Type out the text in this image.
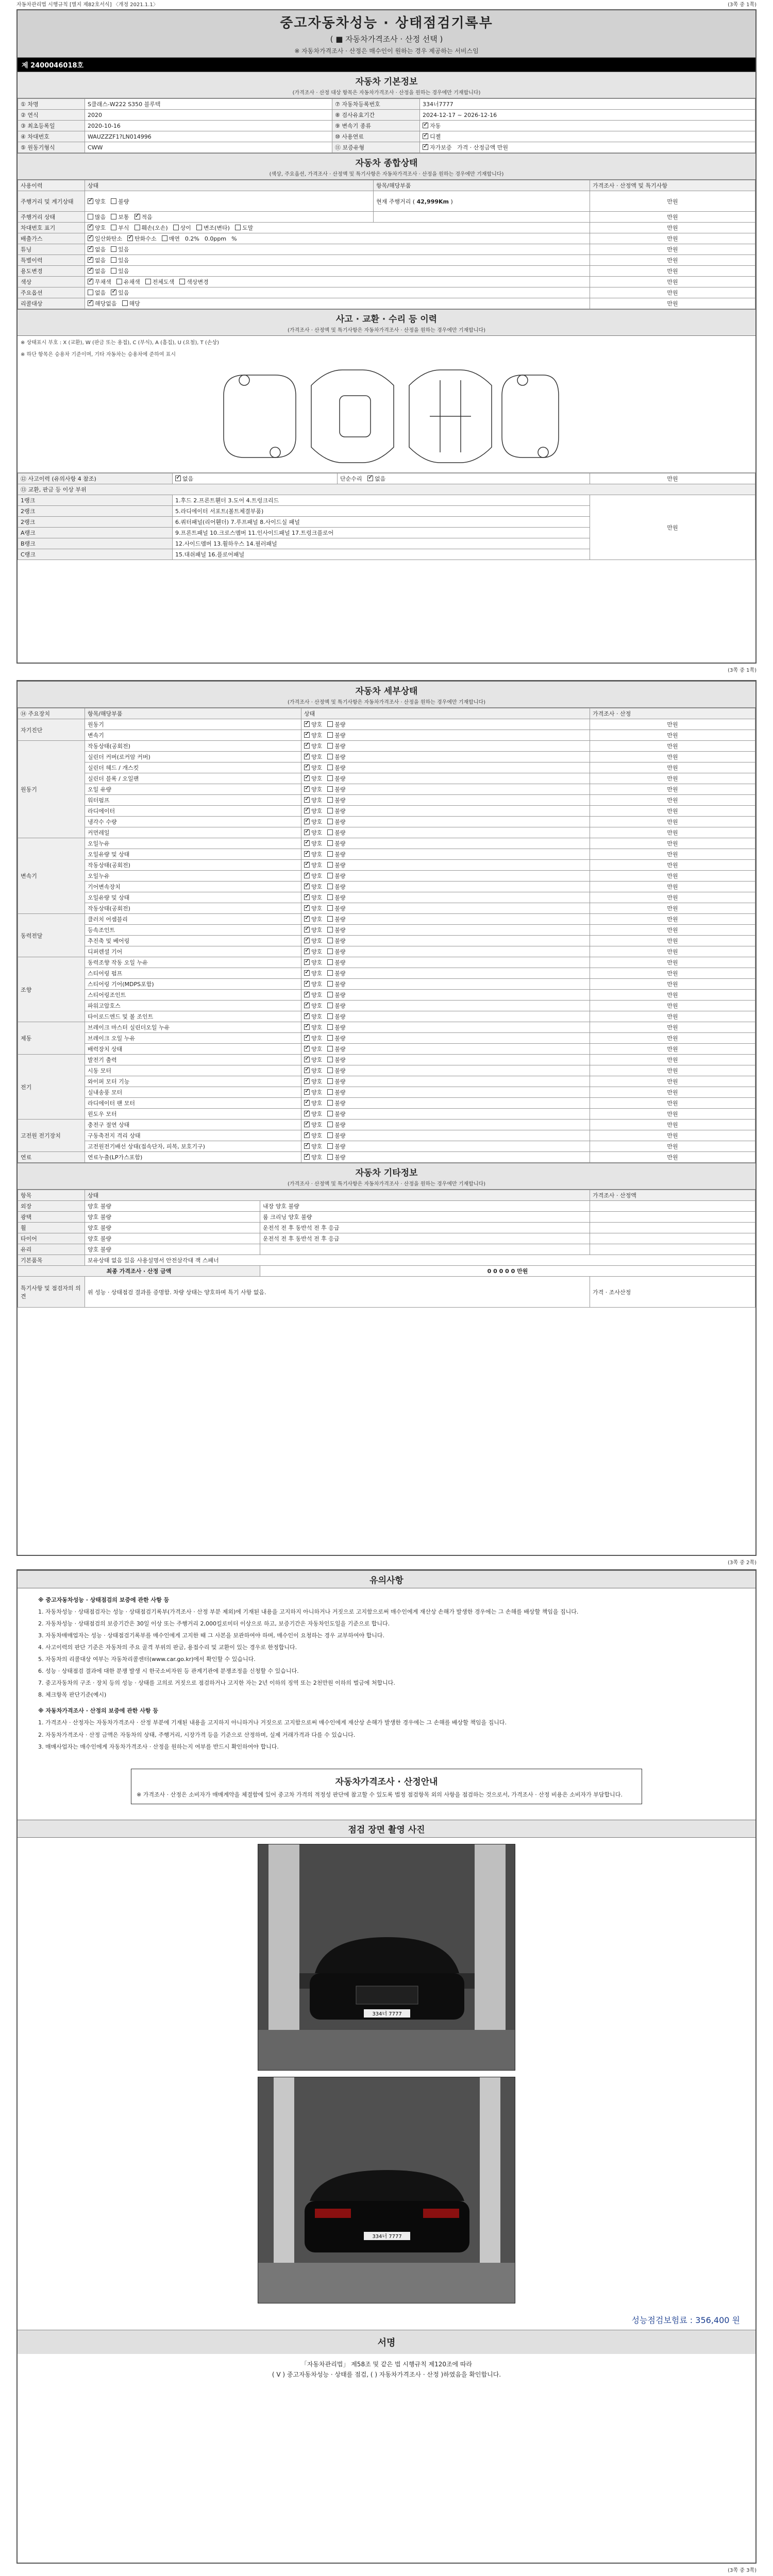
자동차관리법 시행규칙 [별지 제82호서식] 〈개정 2021.1.1〉	(3쪽 중 1쪽)
중고자동차성능 · 상태점검기록부
( ■ 자동차가격조사 · 산정 선택 )
※ 자동차가격조사 · 산정은 매수인이 원하는 경우 제공하는 서비스임
제 2400046018호
자동차 기본정보
(가격조사 · 산정 대상 항목은 자동차가격조사 · 산정을 원하는 경우에만 기재합니다)
① 차명	S클래스-W222 S350 블루텍	⑦ 자동차등록번호	334너7777
② 연식	2020	⑧ 검사유효기간	2024-12-17 ~ 2026-12-16
③ 최초등록일	2020-10-16	⑨ 변속기 종류	✓자동
④ 차대번호	WAUZZZF1?LN014996	⑩ 사용연료	✓디젤
⑤ 원동기형식	CWW	⑪ 보증유형	✓자가보증 가격 · 산정금액 만원
자동차 종합상태
(색상, 주요옵션, 가격조사 · 산정액 및 특기사항은 자동차가격조사 · 산정을 원하는 경우에만 기재합니다)
사용이력	상태	항목/해당부품	가격조사 · 산정액 및 특기사항
주행거리 및 계기상태	✓양호 불량	현재 주행거리 ( 42,999Km )	만원
주행거리 상태	많음 보통 ✓ 적음		만원
차대번호 표기	✓양호 부식 훼손(오손) 상이 변조(변타) 도말		만원
배출가스	✓일산화탄소 ✓ 탄화수소 매연 0.2% 0.0ppm %		만원
튜닝	✓없음 있음		만원
특별이력	✓없음 있음		만원
용도변경	✓없음 있음		만원
색상	✓무채색 유채색 전체도색 색상변경		만원
주요옵션	없음 ✓ 있음		만원
리콜대상	✓해당없음 해당		만원
사고 · 교환 · 수리 등 이력
(가격조사 · 산정액 및 특기사항은 자동차가격조사 · 산정을 원하는 경우에만 기재합니다)
※ 상태표시 부호 : X (교환), W (판금 또는 용접), C (부식), A (흠집), U (요철), T (손상)
※ 하단 항목은 승용차 기준이며, 기타 자동차는 승용차에 준하여 표시
⑫ 사고이력 (유의사항 4 참조)	✓없음	단순수리 ✓ 없음	만원
⑬ 교환, 판금 등 이상 부위			
1랭크	1.후드 2.프론트휀더 3.도어 4.트렁크리드		만원
2랭크	5.라디에이터 서포트(볼트체결부품)		
2랭크	6.쿼터패널(리어휀더) 7.루프패널 8.사이드실 패널		
A랭크	9.프론트패널 10.크로스멤버 11.인사이드패널 17.트렁크플로어		
B랭크	12.사이드멤버 13.휠하우스 14.필러패널		
C랭크	15.대쉬패널 16.플로어패널		
(3쪽 중 1쪽)
자동차 세부상태
(가격조사 · 산정액 및 특기사항은 자동차가격조사 · 산정을 원하는 경우에만 기재합니다)
⑭ 주요장치	항목/해당부품	상태	가격조사 · 산정
자기진단	원동기	✓양호 불량	만원
	변속기	✓양호 불량	만원
원동기	작동상태(공회전)	✓양호 불량	만원
	실린더 커버(로커암 커버)	✓양호 불량	만원
	실린더 헤드 / 개스킷	✓양호 불량	만원
	실린더 블록 / 오일팬	✓양호 불량	만원
	오일 유량	✓양호 불량	만원
	워터펌프	✓양호 불량	만원
	라디에이터	✓양호 불량	만원
	냉각수 수량	✓양호 불량	만원
	커먼레일	✓양호 불량	만원
변속기	오일누유	✓양호 불량	만원
	오일유량 및 상태	✓양호 불량	만원
	작동상태(공회전)	✓양호 불량	만원
	오일누유	✓양호 불량	만원
	기어변속장치	✓양호 불량	만원
	오일유량 및 상태	✓양호 불량	만원
	작동상태(공회전)	✓양호 불량	만원
동력전달	클러치 어셈블리	✓양호 불량	만원
	등속조인트	✓양호 불량	만원
	추진축 및 베어링	✓양호 불량	만원
	디퍼렌셜 기어	✓양호 불량	만원
조향	동력조향 작동 오일 누유	✓양호 불량	만원
	스티어링 펌프	✓양호 불량	만원
	스티어링 기어(MDPS포함)	✓양호 불량	만원
	스티어링조인트	✓양호 불량	만원
	파워고압호스	✓양호 불량	만원
	타이로드엔드 및 볼 조인트	✓양호 불량	만원
제동	브레이크 마스터 실린더오일 누유	✓양호 불량	만원
	브레이크 오일 누유	✓양호 불량	만원
	배력장치 상태	✓양호 불량	만원
전기	발전기 출력	✓양호 불량	만원
	시동 모터	✓양호 불량	만원
	와이퍼 모터 기능	✓양호 불량	만원
	실내송풍 모터	✓양호 불량	만원
	라디에이터 팬 모터	✓양호 불량	만원
	윈도우 모터	✓양호 불량	만원
고전원 전기장치	충전구 절연 상태	✓양호 불량	만원
	구동축전지 격리 상태	✓양호 불량	만원
	고전원전기배선 상태(접속단자, 피복, 보호기구)	✓양호 불량	만원
연료	연료누출(LP가스포함)	✓양호 불량	만원
자동차 기타정보
(가격조사 · 산정액 및 특기사항은 자동차가격조사 · 산정을 원하는 경우에만 기재합니다)
항목	상태		가격조사 · 산정액
외장	양호 불량	내장 양호 불량	
광택	양호 불량	룸 크리닝 양호 불량	
휠	양호 불량	운전석 전 후 동반석 전 후 응급	
타이어	양호 불량	운전석 전 후 동반석 전 후 응급	
유리	양호 불량		
기본품목	보유상태 없음 있음 사용설명서 안전삼각대 잭 스패너		
최종 가격조사 · 산정 금액		0 0 0 0 0 만원	
특기사항 및 점검자의 의견	위 성능 · 상태점검 결과를 증명함. 차량 상태는 양호하며 특기 사항 없음.		가격 · 조사산정
(3쪽 중 2쪽)
유의사항

※ 중고자동차성능 · 상태점검의 보증에 관한 사항 등

1. 자동차성능 · 상태점검자는 성능 · 상태점검기록부(가격조사 · 산정 부분 제외)에 기재된 내용을 고지하지 아니하거나 거짓으로 고지함으로써 매수인에게 재산상 손해가 발생한 경우에는 그 손해를 배상할 책임을 집니다.

2. 자동차성능 · 상태점검의 보증기간은 30일 이상 또는 주행거리 2,000킬로미터 이상으로 하고, 보증기간은 자동차인도일을 기준으로 합니다.

3. 자동차매매업자는 성능 · 상태점검기록부를 매수인에게 고지한 때 그 사본을 보관하여야 하며, 매수인이 요청하는 경우 교부하여야 합니다.

4. 사고이력의 판단 기준은 자동차의 주요 골격 부위의 판금, 용접수리 및 교환이 있는 경우로 한정합니다.

5. 자동차의 리콜대상 여부는 자동차리콜센터(www.car.go.kr)에서 확인할 수 있습니다.

6. 성능 · 상태점검 결과에 대한 분쟁 발생 시 한국소비자원 등 관계기관에 분쟁조정을 신청할 수 있습니다.

7. 중고자동차의 구조 · 장치 등의 성능 · 상태를 고의로 거짓으로 점검하거나 고지한 자는 2년 이하의 징역 또는 2천만원 이하의 벌금에 처합니다.

8. 체크항목 판단기준(예시)

※ 자동차가격조사 · 산정의 보증에 관한 사항 등

1. 가격조사 · 산정자는 자동차가격조사 · 산정 부분에 기재된 내용을 고지하지 아니하거나 거짓으로 고지함으로써 매수인에게 재산상 손해가 발생한 경우에는 그 손해를 배상할 책임을 집니다.

2. 자동차가격조사 · 산정 금액은 자동차의 상태, 주행거리, 시장가격 등을 기준으로 산정하며, 실제 거래가격과 다를 수 있습니다.

3. 매매사업자는 매수인에게 자동차가격조사 · 산정을 원하는지 여부를 반드시 확인하여야 합니다.

자동차가격조사 · 산정안내
※ 가격조사 · 산정은 소비자가 매매계약을 체결함에 있어 중고차 가격의 적정성 판단에 참고할 수 있도록 법정 점검항목 외의 사항을 점검하는 것으로서, 가격조사 · 산정 비용은 소비자가 부담합니다.
점검 장면 촬영 사진
334너 7777
334너 7777
성능점검보험료 : 356,400 원
서명
「자동차관리법」 제58조 및 같은 법 시행규칙 제120조에 따라
( V ) 중고자동차성능 · 상태를 점검, ( ) 자동차가격조사 · 산정 )하였음을 확인합니다.
(3쪽 중 3쪽)
